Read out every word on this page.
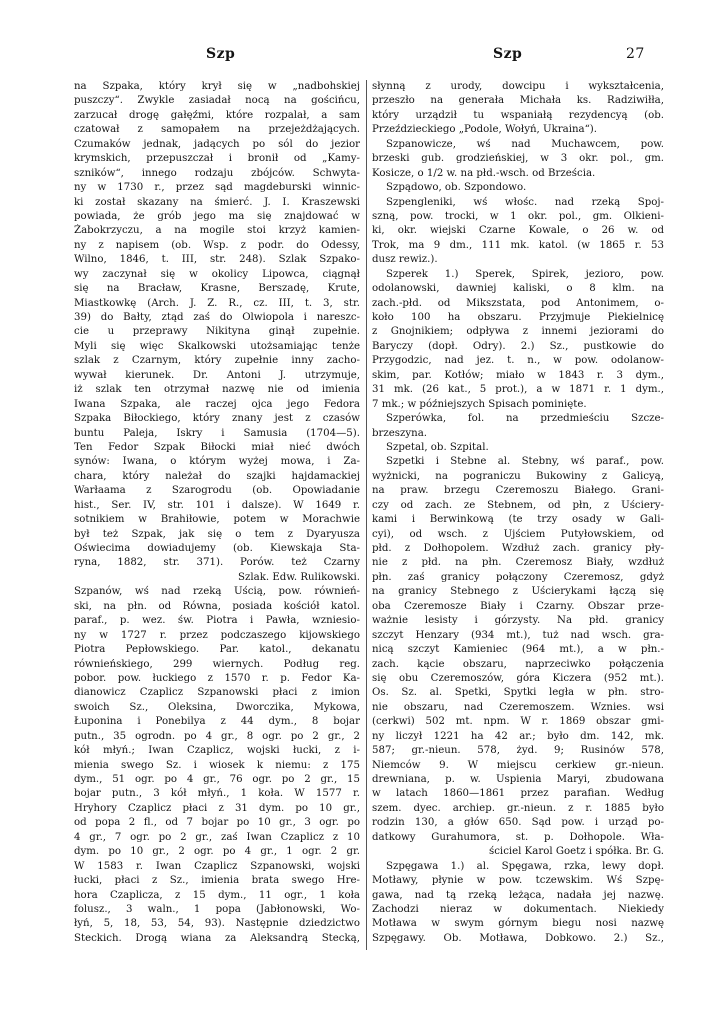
Szp	Szp	27
na Szpaka, który krył się w „nadbohskiej
puszczy“. Zwykle zasiadał nocą na gościńcu,
zarzucał drogę gałęźmi, które rozpalał, a sam
czatował z samopałem na przejeżdżających.
Czumaków jednak, jadących po sól do jezior
krymskich, przepuszczał i bronił od „Kamy-
szników“, innego rodzaju zbójców. Schwyta-
ny w 1730 r., przez sąd magdeburski winnic-
ki został skazany na śmierć. J. I. Kraszewski
powiada, że grób jego ma się znajdować w
Żabokrzyczu, a na mogile stoi krzyż kamien-
ny z napisem (ob. Wsp. z podr. do Odessy,
Wilno, 1846, t. III, str. 248). Szlak Szpako-
wy zaczynał się w okolicy Lipowca, ciągnął
się na Bracław, Krasne, Berszadę, Krute,
Miastkowkę (Arch. J. Z. R., cz. III, t. 3, str.
39) do Bałty, ztąd zaś do Olwiopola i nareszc-
cie u przeprawy Nikityna ginął zupełnie.
Myli się więc Skalkowski utożsamiając tenże
szlak z Czarnym, który zupełnie inny zacho-
wywał kierunek. Dr. Antoni J. utrzymuje,
iż szlak ten otrzymał nazwę nie od imienia
Iwana Szpaka, ale raczej ojca jego Fedora
Szpaka Biłockiego, który znany jest z czasów
buntu Paleja, Iskry i Samusia (1704—5).
Ten Fedor Szpak Biłocki miał nieć dwóch
synów: Iwana, o którym wyżej mowa, i Za-
chara, który należał do szajki hajdamackiej
Warłaama z Szarogrodu (ob. Opowiadanie
hist., Ser. IV, str. 101 i dalsze). W 1649 r.
sotnikiem w Brahiłowie, potem w Morachwie
był też Szpak, jak się o tem z Dyaryusza
Oświecima dowiadujemy (ob. Kiewskaja Sta-
ryna, 1882, str. 371). Porów. też Czarny
Szlak. Edw. Rulikowski.
Szpanów, wś nad rzeką Uścią, pow. równień-
ski, na płn. od Równa, posiada kościół katol.
paraf., p. wez. św. Piotra i Pawła, wzniesio-
ny w 1727 r. przez podczaszego kijowskiego
Piotra Pepłowskiego. Par. katol., dekanatu
równieńskiego, 299 wiernych. Podług reg.
pobor. pow. łuckiego z 1570 r. p. Fedor Ka-
dianowicz Czaplicz Szpanowski płaci z imion
swoich Sz., Oleksina, Dworczika, Mykowa,
Łuponina i Ponebilya z 44 dym., 8 bojar
putn., 35 ogrodn. po 4 gr., 8 ogr. po 2 gr., 2
kół młyń.; Iwan Czaplicz, wojski łucki, z i-
mienia swego Sz. i wiosek k niemu: z 175
dym., 51 ogr. po 4 gr., 76 ogr. po 2 gr., 15
bojar putn., 3 kół młyń., 1 koła. W 1577 r.
Hryhory Czaplicz płaci z 31 dym. po 10 gr.,
od popa 2 fl., od 7 bojar po 10 gr., 3 ogr. po
4 gr., 7 ogr. po 2 gr., zaś Iwan Czaplicz z 10
dym. po 10 gr., 2 ogr. po 4 gr., 1 ogr. 2 gr.
W 1583 r. Iwan Czaplicz Szpanowski, wojski
łucki, płaci z Sz., imienia brata swego Hre-
hora Czaplicza, z 15 dym., 11 ogr., 1 koła
folusz., 3 waln., 1 popa (Jabłonowski, Wo-
łyń, 5, 18, 53, 54, 93). Następnie dziedzictwo
Steckich. Drogą wiana za Aleksandrą Stecką,
słynną z urody, dowcipu i wykształcenia,
przeszło na generała Michała ks. Radziwiłła,
który urządził tu wspaniałą rezydencyą (ob.
Przeździeckiego „Podole, Wołyń, Ukraina“).
Szpanowicze, wś nad Muchawcem, pow.
brzeski gub. grodzieńskiej, w 3 okr. pol., gm.
Kosicze, o 1/2 w. na płd.-wsch. od Brześcia.
Szpądowo, ob. Szpondowo.
Szpengleniki, wś włośc. nad rzeką Spoj-
szną, pow. trocki, w 1 okr. pol., gm. Olkieni-
ki, okr. wiejski Czarne Kowale, o 26 w. od
Trok, ma 9 dm., 111 mk. katol. (w 1865 r. 53
dusz rewiz.).
Szperek 1.) Sperek, Spirek, jezioro, pow.
odolanowski, dawniej kaliski, o 8 klm. na
zach.-płd. od Mikszstata, pod Antonimem, o-
koło 100 ha obszaru. Przyjmuje Piekielnicę
z Gnojnikiem; odpływa z innemi jeziorami do
Baryczy (dopł. Odry). 2.) Sz., pustkowie do
Przygodzic, nad jez. t. n., w pow. odolanow-
skim, par. Kotłów; miało w 1843 r. 3 dym.,
31 mk. (26 kat., 5 prot.), a w 1871 r. 1 dym.,
7 mk.; w późniejszych Spisach pominięte.
Szperówka, fol. na przedmieściu Szcze-
brzeszyna.
Szpetal, ob. Szpital.
Szpetki i Stebne al. Stebny, wś paraf., pow.
wyżnicki, na pograniczu Bukowiny z Galicyą,
na praw. brzegu Czeremoszu Białego. Grani-
czy od zach. ze Stebnem, od płn, z Uściery-
kami i Berwinkową (te trzy osady w Gali-
cyi), od wsch. z Ujściem Putyłowskiem, od
płd. z Dołhopolem. Wzdłuż zach. granicy pły-
nie z płd. na płn. Czeremosz Biały, wzdłuż
płn. zaś granicy połączony Czeremosz, gdyż
na granicy Stebnego z Uścierykami łączą się
oba Czeremosze Biały i Czarny. Obszar prze-
ważnie lesisty i górzysty. Na płd. granicy
szczyt Henzary (934 mt.), tuż nad wsch. gra-
nicą szczyt Kamieniec (964 mt.), a w płn.-
zach. kącie obszaru, naprzeciwko połączenia
się obu Czeremoszów, góra Kiczera (952 mt.).
Os. Sz. al. Spetki, Spytki legła w płn. stro-
nie obszaru, nad Czeremoszem. Wznies. wsi
(cerkwi) 502 mt. npm. W r. 1869 obszar gmi-
ny liczył 1221 ha 42 ar.; było dm. 142, mk.
587; gr.-nieun. 578, żyd. 9; Rusinów 578,
Niemców 9. W miejscu cerkiew gr.-nieun.
drewniana, p. w. Uspienia Maryi, zbudowana
w latach 1860—1861 przez parafian. Według
szem. dyec. archiep. gr.-nieun. z r. 1885 było
rodzin 130, a głów 650. Sąd pow. i urząd po-
datkowy Gurahumora, st. p. Dołhopole. Wła-
ściciel Karol Goetz i spółka. Br. G.
Szpęgawa 1.) al. Spęgawa, rzka, lewy dopł.
Motławy, płynie w pow. tczewskim. Wś Szpę-
gawa, nad tą rzeką leżąca, nadała jej nazwę.
Zachodzi nieraz w dokumentach. Niekiedy
Motława w swym górnym biegu nosi nazwę
Szpęgawy. Ob. Motława, Dobkowo. 2.) Sz.,
